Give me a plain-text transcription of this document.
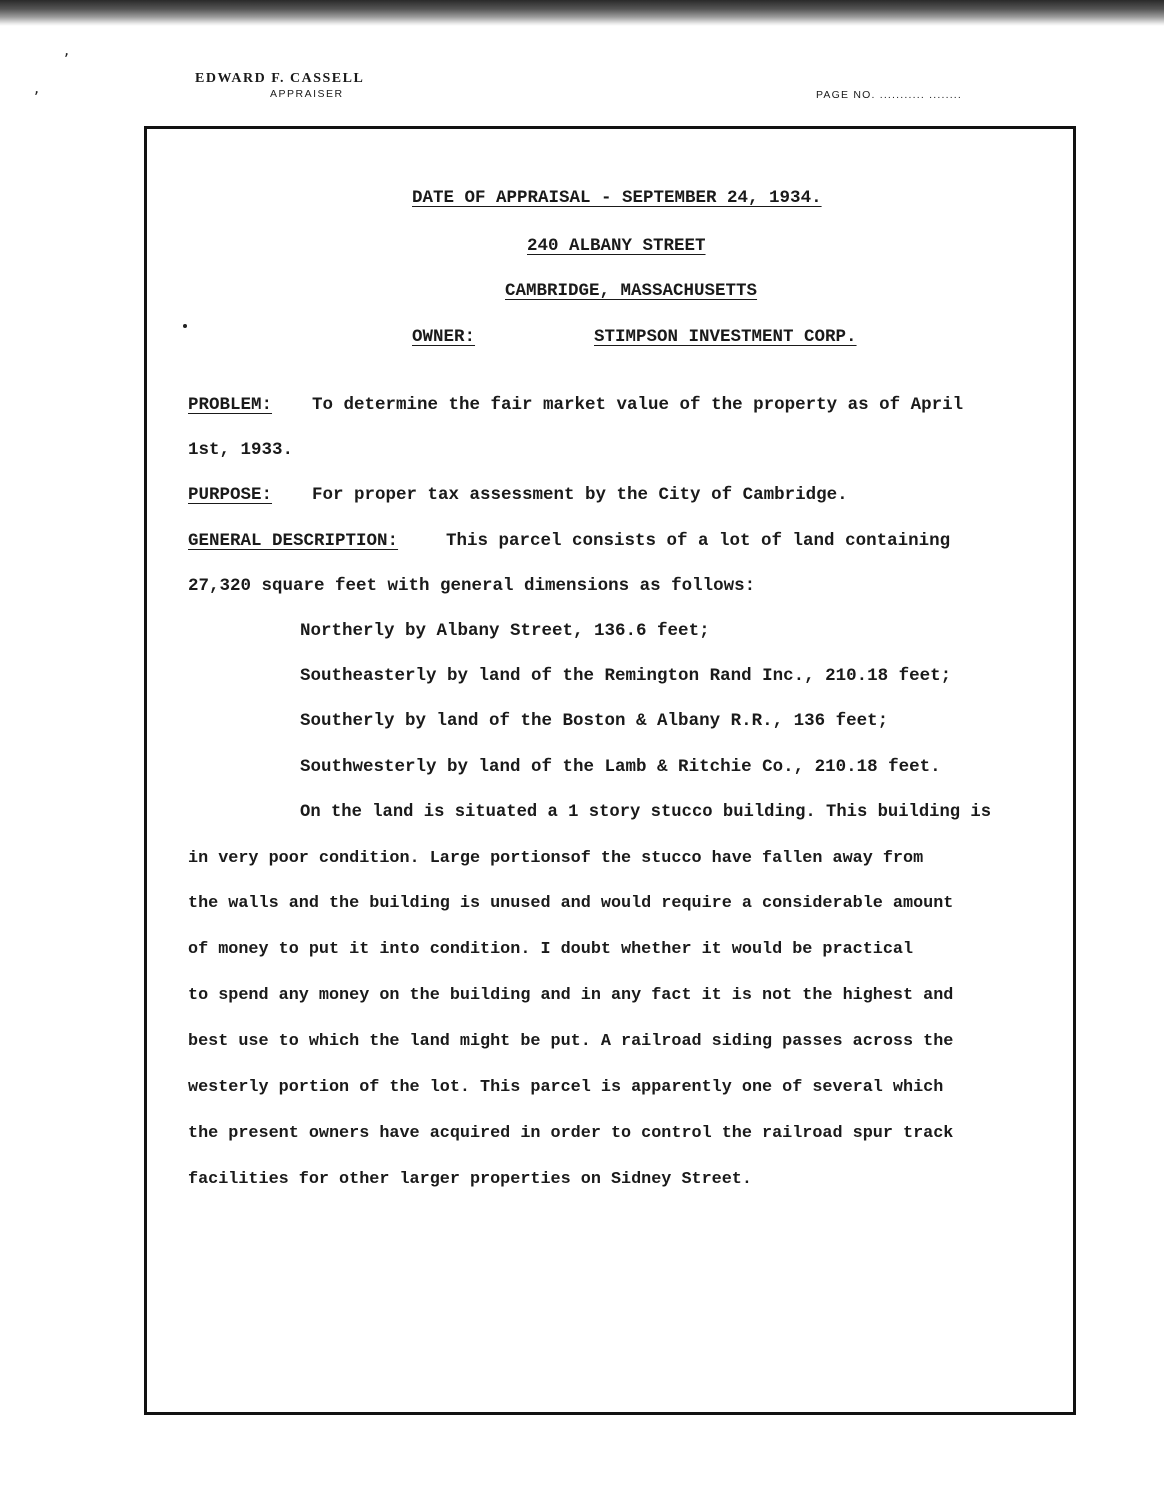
,
,	EDWARD F. CASSELL
APPRAISER	PAGE NO. ........... ........
DATE OF APPRAISAL - SEPTEMBER 24, 1934.
240 ALBANY STREET
CAMBRIDGE, MASSACHUSETTS
OWNER:	STIMPSON INVESTMENT CORP.
PROBLEM: To determine the fair market value of the property as of April
1st, 1933.
PURPOSE: For proper tax assessment by the City of Cambridge.
GENERAL DESCRIPTION:	This parcel consists of a lot of land containing
27,320 square feet with general dimensions as follows:
Northerly by Albany Street, 136.6 feet;
Southeasterly by land of the Remington Rand Inc., 210.18 feet;
Southerly by land of the Boston & Albany R.R., 136 feet;
Southwesterly by land of the Lamb & Ritchie Co., 210.18 feet.
On the land is situated a 1 story stucco building. This building is
in very poor condition. Large portionsof the stucco have fallen away from
the walls and the building is unused and would require a considerable amount
of money to put it into condition. I doubt whether it would be practical
to spend any money on the building and in any fact it is not the highest and
best use to which the land might be put. A railroad siding passes across the
westerly portion of the lot. This parcel is apparently one of several which
the present owners have acquired in order to control the railroad spur track
facilities for other larger properties on Sidney Street.
